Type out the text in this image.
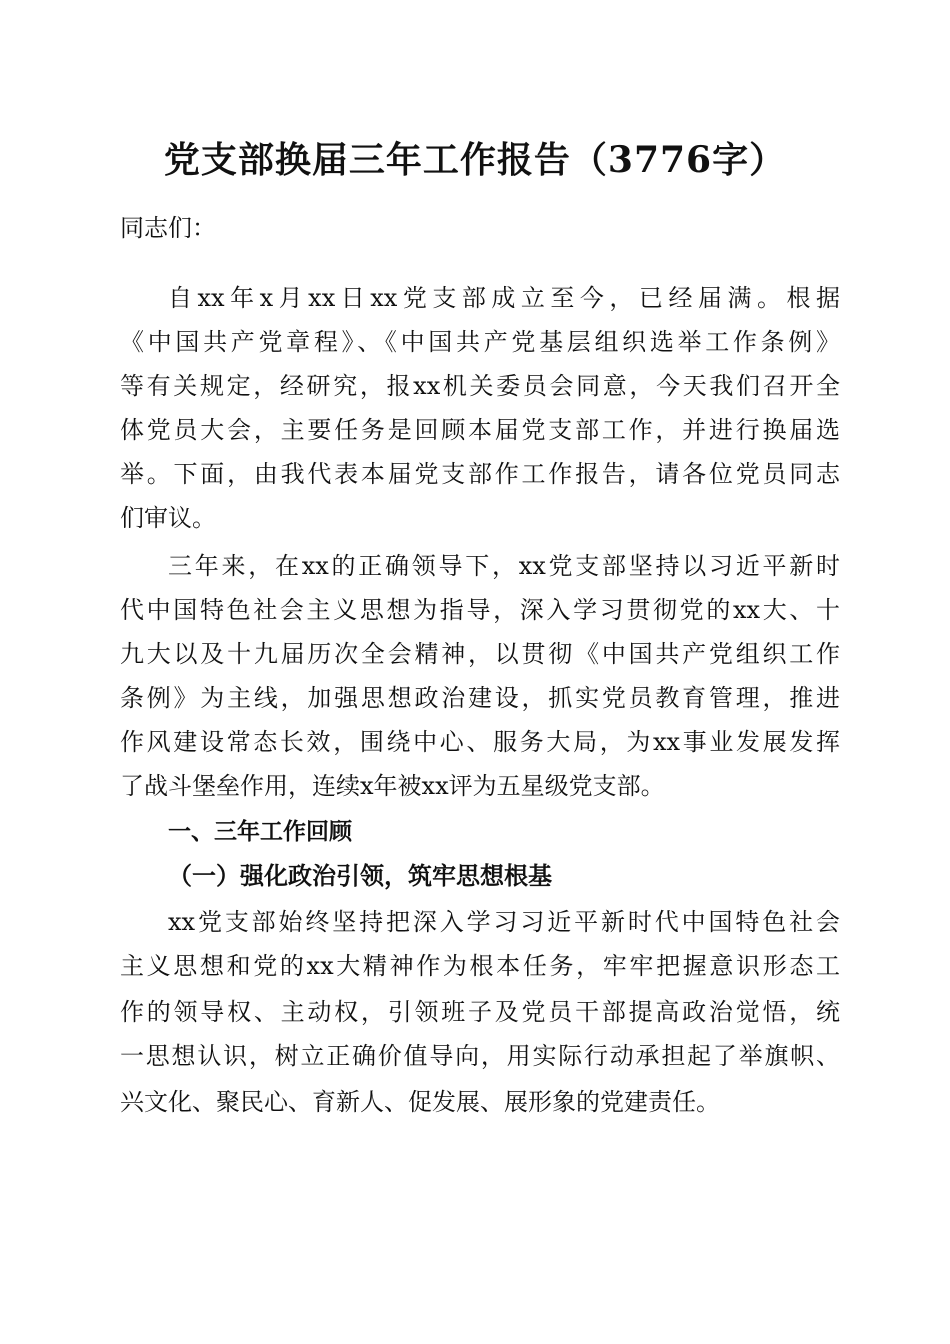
党支部换届三年工作报告（3776字）
同志们：
自xx年x月xx日xx党支部成立至今，已经届满。根据
《中国共产党章程》、《中国共产党基层组织选举工作条例》
等有关规定，经研究，报xx机关委员会同意，今天我们召开全
体党员大会，主要任务是回顾本届党支部工作，并进行换届选
举。下面，由我代表本届党支部作工作报告，请各位党员同志
们审议。
三年来，在xx的正确领导下，xx党支部坚持以习近平新时
代中国特色社会主义思想为指导，深入学习贯彻党的xx大、十
九大以及十九届历次全会精神，以贯彻《中国共产党组织工作
条例》为主线，加强思想政治建设，抓实党员教育管理，推进
作风建设常态长效，围绕中心、服务大局，为xx事业发展发挥
了战斗堡垒作用，连续x年被xx评为五星级党支部。
一、三年工作回顾
（一）强化政治引领，筑牢思想根基
xx党支部始终坚持把深入学习习近平新时代中国特色社会
主义思想和党的xx大精神作为根本任务，牢牢把握意识形态工
作的领导权、主动权，引领班子及党员干部提高政治觉悟，统
一思想认识，树立正确价值导向，用实际行动承担起了举旗帜、
兴文化、聚民心、育新人、促发展、展形象的党建责任。
